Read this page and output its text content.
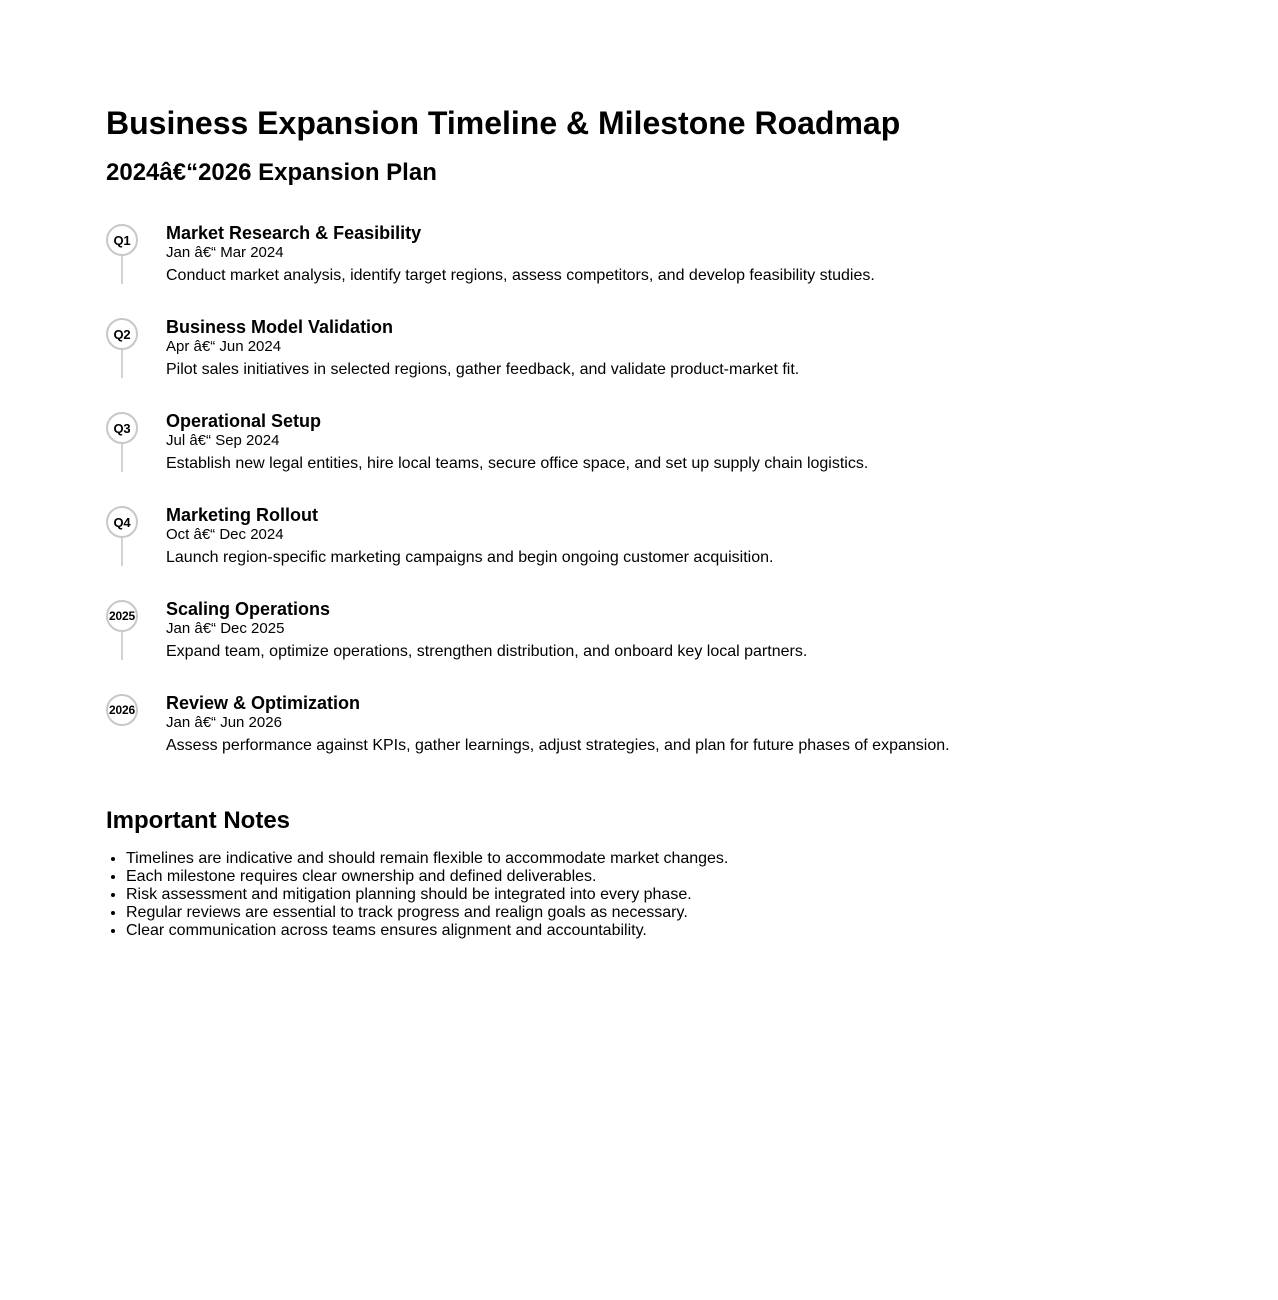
Business Expansion Timeline & Milestone Roadmap
2024â€“2026 Expansion Plan
Q1	Market Research & Feasibility
Jan â€“ Mar 2024
Conduct market analysis, identify target regions, assess competitors, and develop feasibility studies.
Q2	Business Model Validation
Apr â€“ Jun 2024
Pilot sales initiatives in selected regions, gather feedback, and validate product-market fit.
Q3	Operational Setup
Jul â€“ Sep 2024
Establish new legal entities, hire local teams, secure office space, and set up supply chain logistics.
Q4	Marketing Rollout
Oct â€“ Dec 2024
Launch region-specific marketing campaigns and begin ongoing customer acquisition.
2025 Scaling Operations
Jan â€“ Dec 2025
Expand team, optimize operations, strengthen distribution, and onboard key local partners.
2026 Review & Optimization
Jan â€“ Jun 2026
Assess performance against KPIs, gather learnings, adjust strategies, and plan for future phases of expansion.
Important Notes
• Timelines are indicative and should remain flexible to accommodate market changes.
• Each milestone requires clear ownership and defined deliverables.
• Risk assessment and mitigation planning should be integrated into every phase.
• Regular reviews are essential to track progress and realign goals as necessary.
• Clear communication across teams ensures alignment and accountability.
